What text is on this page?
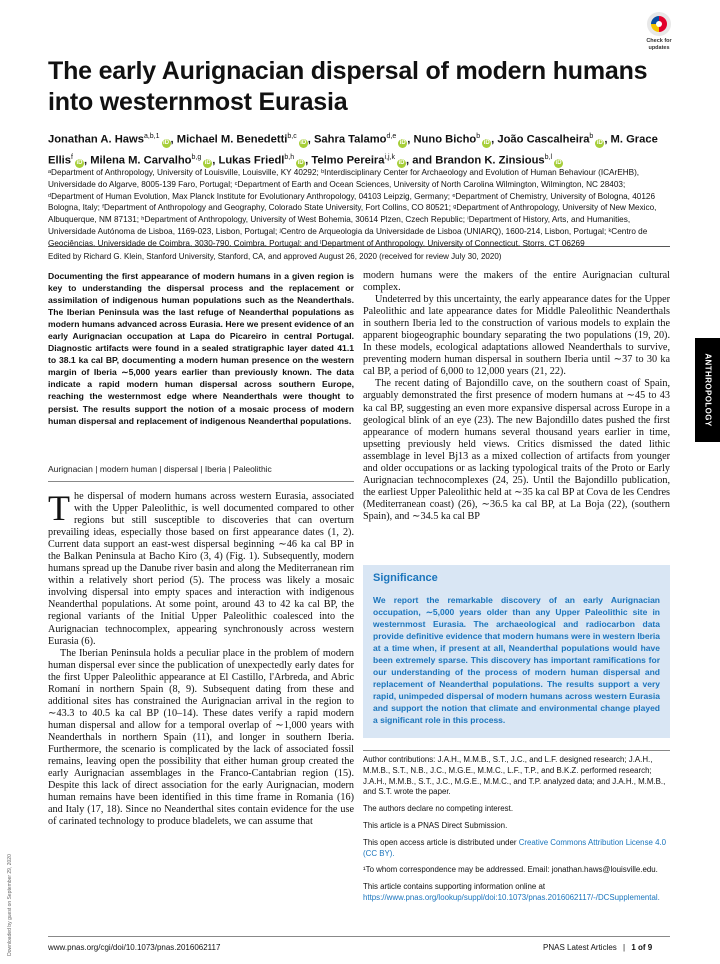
Check for
updates
The early Aurignacian dispersal of modern humans into westernmost Eurasia
Jonathan A. Haws$^{a,b,1}$iD , Michael M. Benedetti$^{b,c}$iD , Sahra Talamo$^{d,e}$iD , Nuno Bicho$^b$iD , João Cascalheira$^b$iD , M. Grace Ellis$^f$iD , Milena M. Carvalho$^{b,g}$iD , Lukas Friedl$^{b,h}$iD , Telmo Pereira$^{i,j,k}$iD , and Brandon K. Zinsious$^{b,l}$iD
ᵃDepartment of Anthropology, University of Louisville, Louisville, KY 40292; ᵇInterdisciplinary Center for Archaeology and Evolution of Human Behaviour (ICArEHB), Universidade do Algarve, 8005-139 Faro, Portugal; ᶜDepartment of Earth and Ocean Sciences, University of North Carolina Wilmington, Wilmington, NC 28403; ᵈDepartment of Human Evolution, Max Planck Institute for Evolutionary Anthropology, 04103 Leipzig, Germany; ᵉDepartment of Chemistry, University of Bologna, 40126 Bologna, Italy; ᶠDepartment of Anthropology and Geography, Colorado State University, Fort Collins, CO 80521; ᵍDepartment of Anthropology, University of New Mexico, Albuquerque, NM 87131; ʰDepartment of Anthropology, University of West Bohemia, 30614 Plzen, Czech Republic; ⁱDepartment of History, Arts, and Humanities, Universidade Autónoma de Lisboa, 1169-023, Lisbon, Portugal; ʲCentro de Arqueologia da Universidade de Lisboa (UNIARQ), 1600-214, Lisbon, Portugal; ᵏCentro de Geociências, Universidade de Coimbra, 3030-790, Coimbra, Portugal; and ˡDepartment of Anthropology, University of Connecticut, Storrs, CT 06269
Edited by Richard G. Klein, Stanford University, Stanford, CA, and approved August 26, 2020 (received for review July 30, 2020)
Documenting the first appearance of modern humans in a given region is key to understanding the dispersal process and the replacement or assimilation of indigenous human populations such as the Neanderthals. The Iberian Peninsula was the last refuge of Neanderthal populations as modern humans advanced across Eurasia. Here we present evidence of an early Aurignacian occupation at Lapa do Picareiro in central Portugal. Diagnostic artifacts were found in a sealed stratigraphic layer dated 41.1 to 38.1 ka cal BP, documenting a modern human presence on the western margin of Iberia ∼5,000 years earlier than previously known. The data indicate a rapid modern human dispersal across southern Europe, reaching the westernmost edge where Neanderthals were thought to persist. The results support the notion of a mosaic process of modern human dispersal and replacement of indigenous Neanderthal populations.
Aurignacian | modern human | dispersal | Iberia | Paleolithic

The dispersal of modern humans across western Eurasia, associated with the Upper Paleolithic, is well documented compared to other regions but still susceptible to discoveries that can overturn prevailing ideas, especially those based on first appearance dates (1, 2). Current data support an east-west dispersal beginning ∼46 ka cal BP in the Balkan Peninsula at Bacho Kiro (3, 4) (Fig. 1). Subsequently, modern humans spread up the Danube river basin and along the Mediterranean rim within a relatively short period (5). The process was likely a mosaic involving dispersal into empty spaces and interaction with indigenous Neanderthal populations. At some point, around 43 to 42 ka cal BP, the regional variants of the Initial Upper Paleolithic coalesced into the Aurignacian technocomplex, appearing synchronously across western Eurasia (6).

The Iberian Peninsula holds a peculiar place in the problem of modern human dispersal ever since the publication of unexpectedly early dates for the first Upper Paleolithic appearance at El Castillo, l'Arbreda, and Abric Romaní in northern Spain (8, 9). Subsequent dating from these and additional sites has constrained the Aurignacian arrival in the region to ∼43.3 to 40.5 ka cal BP (10–14). These dates verify a rapid modern human dispersal and allow for a temporal overlap of ∼1,000 years with Neanderthals in northern Spain (11), and longer in southern Iberia. Furthermore, the scenario is complicated by the lack of associated fossil remains, leaving open the possibility that either human group created the early Aurignacian assemblages in the Franco-Cantabrian region (15). Despite this lack of direct association for the early Aurignacian, modern human remains have been identified in this time frame in Romania (16) and Italy (17, 18). Since no Neanderthal sites contain evidence for the use of carinated technology to produce bladelets, we can assume that

modern humans were the makers of the entire Aurignacian cultural complex.

Undeterred by this uncertainty, the early appearance dates for the Upper Paleolithic and late appearance dates for Middle Paleolithic Neanderthals in southern Iberia led to the construction of various models to explain the apparent biogeographic boundary separating the two populations (19, 20). In these models, ecological adaptations allowed Neanderthals to survive, preventing modern human dispersal in southern Iberia until ∼37 to 30 ka cal BP, a period of 6,000 to 12,000 years (21, 22).

The recent dating of Bajondillo cave, on the southern coast of Spain, arguably demonstrated the first presence of modern humans at ∼45 to 43 ka cal BP, suggesting an even more expansive dispersal across Europe in a geological blink of an eye (23). The new Bajondillo dates pushed the first appearance of modern humans several thousand years earlier in time, upsetting previously held views. Critics dismissed the dated lithic assemblage in level Bj13 as a mixed collection of artifacts from younger and older occupations or as lacking typological traits of the Proto or Early Aurignacian technocomplexes (24, 25). Until the Bajondillo publication, the earliest Upper Paleolithic held at ∼35 ka cal BP at Cova de les Cendres (Mediterranean coast) (26), ∼36.5 ka cal BP, at La Boja (22), (southern Spain), and ∼34.5 ka cal BP

Significance
We report the remarkable discovery of an early Aurignacian occupation, ∼5,000 years older than any Upper Paleolithic site in westernmost Eurasia. The archaeological and radiocarbon data provide definitive evidence that modern humans were in western Iberia at a time when, if present at all, Neanderthal populations would have been extremely sparse. This discovery has important ramifications for our understanding of the process of modern human dispersal and replacement of Neanderthal populations. The results support a very rapid, unimpeded dispersal of modern humans across western Eurasia and support the notion that climate and environmental change played a significant role in this process.

Author contributions: J.A.H., M.M.B., S.T., J.C., and L.F. designed research; J.A.H., M.M.B., S.T., N.B., J.C., M.G.E., M.M.C., L.F., T.P., and B.K.Z. performed research; J.A.H., M.M.B., S.T., J.C., M.G.E., M.M.C., and T.P. analyzed data; and J.A.H., M.M.B., and S.T. wrote the paper.

The authors declare no competing interest.

This article is a PNAS Direct Submission.

This open access article is distributed under Creative Commons Attribution License 4.0 (CC BY).

¹To whom correspondence may be addressed. Email: jonathan.haws@louisville.edu.

This article contains supporting information online at https://www.pnas.org/lookup/suppl/doi:10.1073/pnas.2016062117/-/DCSupplemental.

ANTHROPOLOGY
Downloaded by guest on September 29, 2020	www.pnas.org/cgi/doi/10.1073/pnas.2016062117	PNAS Latest Articles | 1 of 9
